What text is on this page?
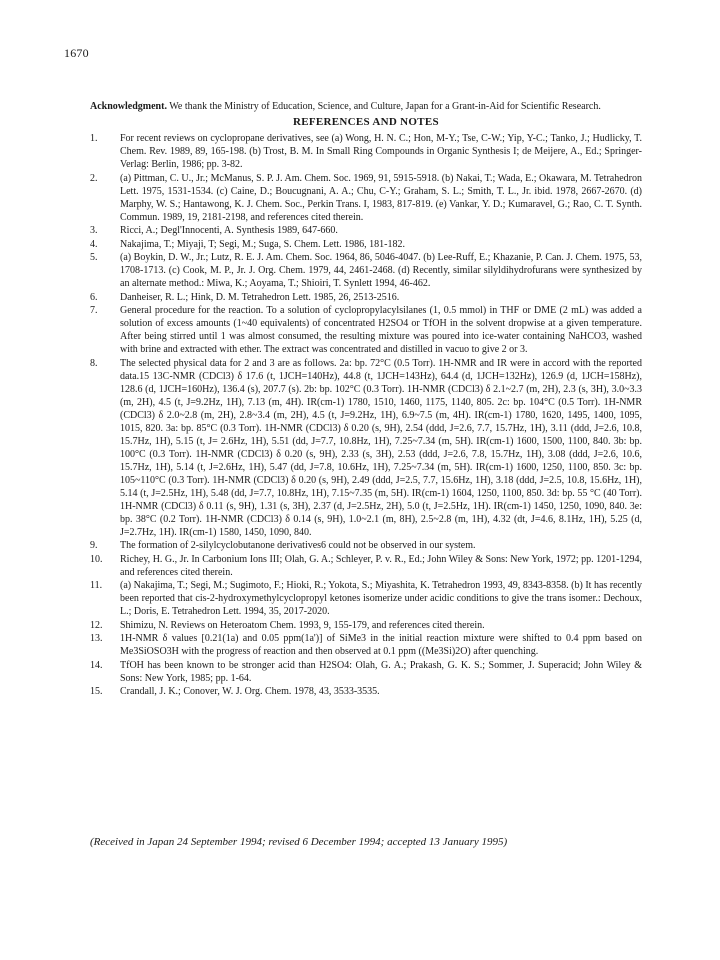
1670

Acknowledgment. We thank the Ministry of Education, Science, and Culture, Japan for a Grant-in-Aid for Scientific Research.

REFERENCES AND NOTES
1.	For recent reviews on cyclopropane derivatives, see (a) Wong, H. N. C.; Hon, M-Y.; Tse, C-W.; Yip, Y-C.; Tanko, J.; Hudlicky, T. Chem. Rev. 1989, 89, 165-198. (b) Trost, B. M. In Small Ring Compounds in Organic Synthesis I; de Meijere, A., Ed.; Springer-Verlag: Berlin, 1986; pp. 3-82.
2.	(a) Pittman, C. U., Jr.; McManus, S. P. J. Am. Chem. Soc. 1969, 91, 5915-5918. (b) Nakai, T.; Wada, E.; Okawara, M. Tetrahedron Lett. 1975, 1531-1534. (c) Caine, D.; Boucugnani, A. A.; Chu, C-Y.; Graham, S. L.; Smith, T. L., Jr. ibid. 1978, 2667-2670. (d) Marphy, W. S.; Hantawong, K. J. Chem. Soc., Perkin Trans. I, 1983, 817-819. (e) Vankar, Y. D.; Kumaravel, G.; Rao, C. T. Synth. Commun. 1989, 19, 2181-2198, and references cited therein.
3.	Ricci, A.; Degl'Innocenti, A. Synthesis 1989, 647-660.
4.	Nakajima, T.; Miyaji, T; Segi, M.; Suga, S. Chem. Lett. 1986, 181-182.
5.	(a) Boykin, D. W., Jr.; Lutz, R. E. J. Am. Chem. Soc. 1964, 86, 5046-4047. (b) Lee-Ruff, E.; Khazanie, P. Can. J. Chem. 1975, 53, 1708-1713. (c) Cook, M. P., Jr. J. Org. Chem. 1979, 44, 2461-2468. (d) Recently, similar silyldihydrofurans were synthesized by an alternate method.: Miwa, K.; Aoyama, T.; Shioiri, T. Synlett 1994, 46-462.
6.	Danheiser, R. L.; Hink, D. M. Tetrahedron Lett. 1985, 26, 2513-2516.
7.	General procedure for the reaction. To a solution of cyclopropylacylsilanes (1, 0.5 mmol) in THF or DME (2 mL) was added a solution of excess amounts (1~40 equivalents) of concentrated H2SO4 or TfOH in the solvent dropwise at a given temperature. After being stirred until 1 was almost consumed, the resulting mixture was poured into ice-water containing NaHCO3, washed with brine and extracted with ether. The extract was concentrated and distilled in vacuo to give 2 or 3.
8.	The selected physical data for 2 and 3 are as follows. 2a: bp. 72°C (0.5 Torr). 1H-NMR and IR were in accord with the reported data.15 13C-NMR (CDCl3) δ 17.6 (t, 1JCH=140Hz), 44.8 (t, 1JCH=143Hz), 64.4 (d, 1JCH=132Hz), 126.9 (d, 1JCH=158Hz), 128.6 (d, 1JCH=160Hz), 136.4 (s), 207.7 (s). 2b: bp. 102°C (0.3 Torr). 1H-NMR (CDCl3) δ 2.1~2.7 (m, 2H), 2.3 (s, 3H), 3.0~3.3 (m, 2H), 4.5 (t, J=9.2Hz, 1H), 7.13 (m, 4H). IR(cm-1) 1780, 1510, 1460, 1175, 1140, 805. 2c: bp. 104°C (0.5 Torr). 1H-NMR (CDCl3) δ 2.0~2.8 (m, 2H), 2.8~3.4 (m, 2H), 4.5 (t, J=9.2Hz, 1H), 6.9~7.5 (m, 4H). IR(cm-1) 1780, 1620, 1495, 1400, 1095, 1015, 820. 3a: bp. 85°C (0.3 Torr). 1H-NMR (CDCl3) δ 0.20 (s, 9H), 2.54 (ddd, J=2.6, 7.7, 15.7Hz, 1H), 3.11 (ddd, J=2.6, 10.8, 15.7Hz, 1H), 5.15 (t, J= 2.6Hz, 1H), 5.51 (dd, J=7.7, 10.8Hz, 1H), 7.25~7.34 (m, 5H). IR(cm-1) 1600, 1500, 1100, 840. 3b: bp. 100°C (0.3 Torr). 1H-NMR (CDCl3) δ 0.20 (s, 9H), 2.33 (s, 3H), 2.53 (ddd, J=2.6, 7.8, 15.7Hz, 1H), 3.08 (ddd, J=2.6, 10.6, 15.7Hz, 1H), 5.14 (t, J=2.6Hz, 1H), 5.47 (dd, J=7.8, 10.6Hz, 1H), 7.25~7.34 (m, 5H). IR(cm-1) 1600, 1250, 1100, 850. 3c: bp. 105~110°C (0.3 Torr). 1H-NMR (CDCl3) δ 0.20 (s, 9H), 2.49 (ddd, J=2.5, 7.7, 15.6Hz, 1H), 3.18 (ddd, J=2.5, 10.8, 15.6Hz, 1H), 5.14 (t, J=2.5Hz, 1H), 5.48 (dd, J=7.7, 10.8Hz, 1H), 7.15~7.35 (m, 5H). IR(cm-1) 1604, 1250, 1100, 850. 3d: bp. 55 °C (40 Torr). 1H-NMR (CDCl3) δ 0.11 (s, 9H), 1.31 (s, 3H), 2.37 (d, J=2.5Hz, 2H), 5.0 (t, J=2.5Hz, 1H). IR(cm-1) 1450, 1250, 1090, 840. 3e: bp. 38°C (0.2 Torr). 1H-NMR (CDCl3) δ 0.14 (s, 9H), 1.0~2.1 (m, 8H), 2.5~2.8 (m, 1H), 4.32 (dt, J=4.6, 8.1Hz, 1H), 5.25 (d, J=2.7Hz, 1H). IR(cm-1) 1580, 1450, 1090, 840.
9.	The formation of 2-silylcyclobutanone derivatives6 could not be observed in our system.
10.	Richey, H. G., Jr. In Carbonium Ions III; Olah, G. A.; Schleyer, P. v. R., Ed.; John Wiley & Sons: New York, 1972; pp. 1201-1294, and references cited therein.
11.	(a) Nakajima, T.; Segi, M.; Sugimoto, F.; Hioki, R.; Yokota, S.; Miyashita, K. Tetrahedron 1993, 49, 8343-8358. (b) It has recently been reported that cis-2-hydroxymethylcyclopropyl ketones isomerize under acidic conditions to give the trans isomer.: Dechoux, L.; Doris, E. Tetrahedron Lett. 1994, 35, 2017-2020.
12.	Shimizu, N. Reviews on Heteroatom Chem. 1993, 9, 155-179, and references cited therein.
13.	1H-NMR δ values [0.21(1a) and 0.05 ppm(1a')] of SiMe3 in the initial reaction mixture were shifted to 0.4 ppm based on Me3SiOSO3H with the progress of reaction and then observed at 0.1 ppm ((Me3Si)2O) after quenching.
14.	TfOH has been known to be stronger acid than H2SO4: Olah, G. A.; Prakash, G. K. S.; Sommer, J. Superacid; John Wiley & Sons: New York, 1985; pp. 1-64.
15.	Crandall, J. K.; Conover, W. J. Org. Chem. 1978, 43, 3533-3535.
(Received in Japan 24 September 1994; revised 6 December 1994; accepted 13 January 1995)
